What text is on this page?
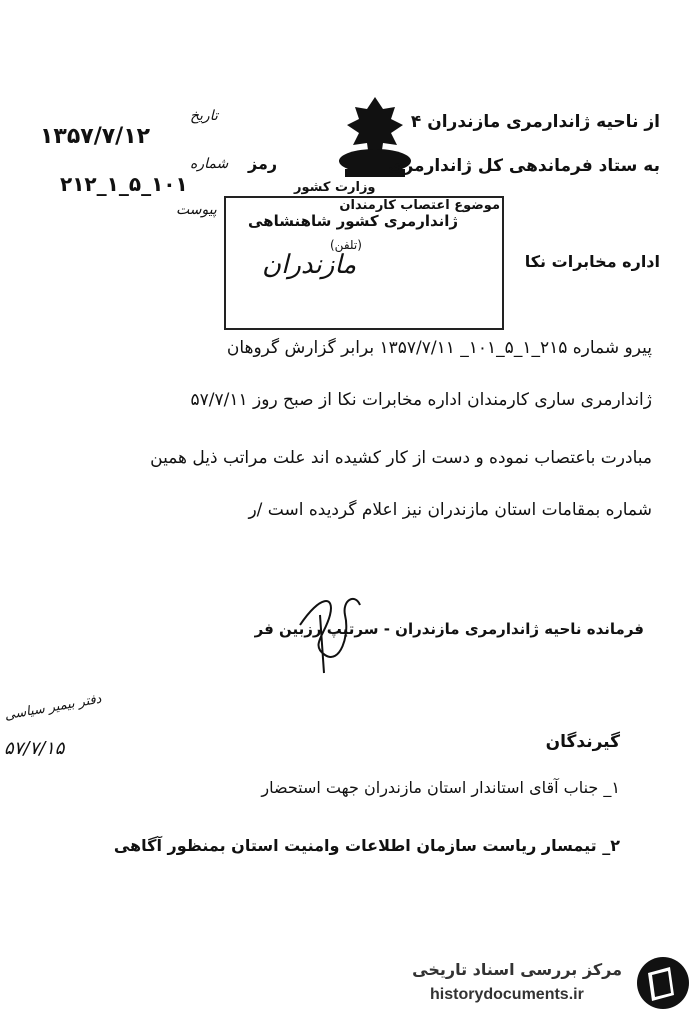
از ناحیه ژاندارمری مازندران ۴
به ستاد فرماندهی کل ژاندارمری
موضوع اعتصاب کارمندان
اداره مخابرات نکا
رمز
وزارت کشور
تاریخ
۱۳۵۷/۷/۱۲
شماره
۱۰۱_۵_۱_۲۱۲
پیوست
ژاندارمری کشور شاهنشاهی
(تلفن)
مازندران
پیرو شماره ۲۱۵_۱_۵_۱۰۱_ ۱۳۵۷/۷/۱۱ برابر گزارش گروهان
ژاندارمری ساری کارمندان اداره مخابرات نکا از صبح روز ۵۷/۷/۱۱
مبادرت باعتصاب نموده و دست از کار کشیده اند علت مراتب ذیل همین
شماره بمقامات استان مازندران نیز اعلام گردیده است /ر
فرمانده ناحیه ژاندارمری مازندران - سرتیپ رزبین فر
دفتر بیمیر سیاسی
۵۷/۷/۱۵	گیرندگان
۱_ جناب آقای استاندار استان مازندران جهت استحضار
۲_ تیمسار ریاست سازمان اطلاعات وامنیت استان بمنظور آگاهی
مرکز بررسی اسناد تاریخی
historydocuments.ir
